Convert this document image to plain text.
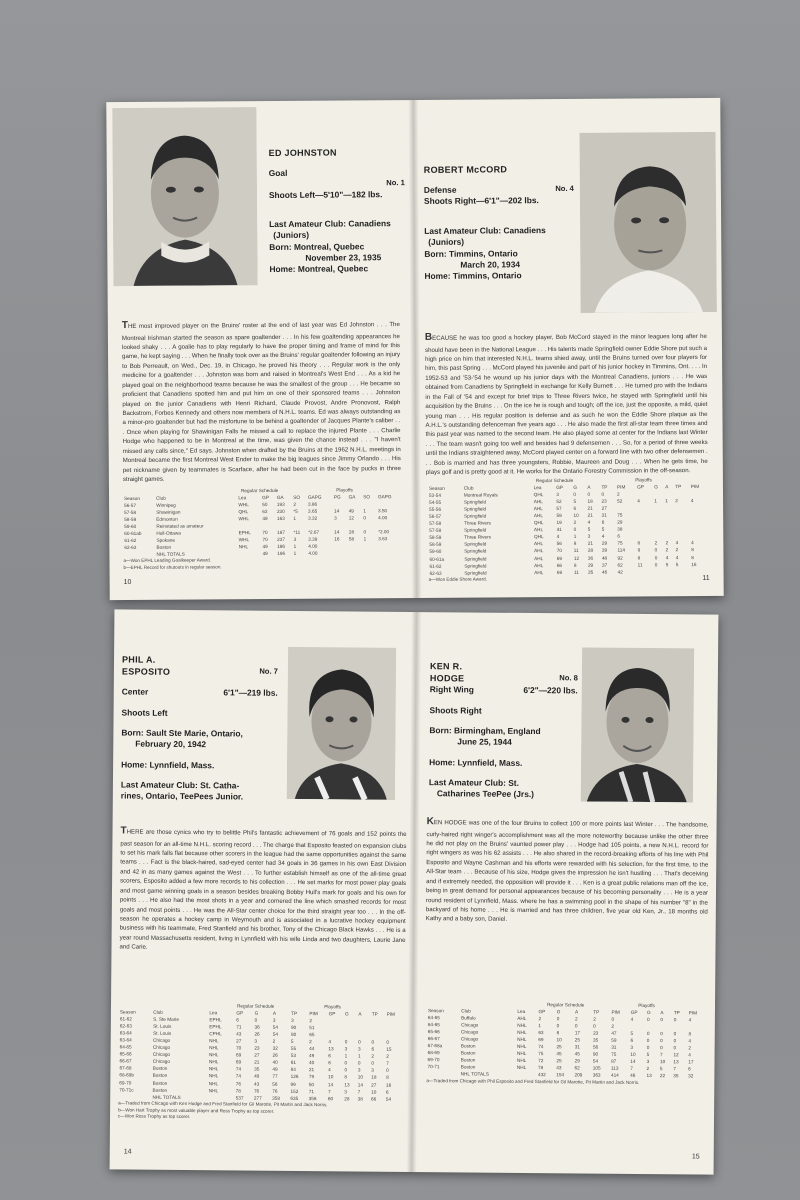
ED JOHNSTON
Goal
No. 1
Shoots Left—5'10"—182 lbs.
Last Amateur Club: Canadiens
(Juniors)
Born: Montreal, Quebec
November 23, 1935
Home: Montreal, Quebec
THE most improved player on the Bruins' roster at the end of last year was Ed Johnston . . . The Montreal Irishman started the season as spare goaltender . . . In his few goaltending appearances he looked shaky . . . A goalie has to play regularly to have the proper timing and frame of mind for this game, he kept saying . . . When he finally took over as the Bruins' regular goaltender following an injury to Bob Perreault, on Wed., Dec. 19, in Chicago, he proved his theory . . . Regular work is the only medicine for a goaltender . . . Johnston was born and raised in Montreal's West End . . . As a kid he played goal on the neighborhood teams because he was the smallest of the group . . . He became so proficient that Canadiens spotted him and put him on one of their sponsored teams . . . Johnston played on the junior Canadiens with Henri Richard, Claude Provost, Andre Pronovost, Ralph Backstrom, Forbes Kennedy and others now members of N.H.L. teams. Ed was always outstanding as a minor-pro goaltender but had the misfortune to be behind a goaltender of Jacques Plante's caliber . . . Once when playing for Shawinigan Falls he missed a call to replace the injured Plante . . . Charlie Hodge who happened to be in Montreal at the time, was given the chance instead . . . "I haven't missed any calls since," Ed says. Johnston when drafted by the Bruins at the 1962 N.H.L. meetings in Montreal became the first Montreal West Ender to make the big leagues since Jimmy Orlando . . . His pet nickname given by teammates is Scarface, after he had been cut in the face by pucks in three straight games.
Regular Schedule	Playoffs
Season	Club	Lea	GP	GA	SO	GAPG	PG	GA	SO	GAPG
56-57	Winnipeg	WHL	50	193	2	3.86				
57-58	Shawinigan	QHL	63	230	*5	3.65	14	49	1	3.50
58-59	Edmonton	WHL	49	163	1	3.32	3	12	0	4.00
59-60	Reinstated as amateur									
60-61ab	Hull-Ottawa	EPHL	70	187	*11	*2.67	14	28	0	*2.00
61-62	Spokane	WHL	70	237	3	3.39	16	58	1	3.63
62-63	Boston	NHL	49	196	1	4.00				
	NHL TOTALS		49	196	1	4.00				
a—Won EPHL Leading Goalkeeper Award.
b—EPHL Record for shutouts in regular season.
10
ROBERT McCORD
Defense	No. 4
Shoots Right—6'1"—202 lbs.
Last Amateur Club: Canadiens
(Juniors)
Born: Timmins, Ontario
March 20, 1934
Home: Timmins, Ontario
BECAUSE he was too good a hockey player, Bob McCord stayed in the minor leagues long after he should have been in the National League . . . His talents made Springfield owner Eddie Shore put such a high price on him that interested N.H.L. teams shied away, until the Bruins turned over four players for him, this past Spring . . . McCord played his juvenile and part of his junior hockey in Timmins, Ont. . . . In 1952-53 and '53-'54 he wound up his junior days with the Montreal Canadiens, juniors . . . He was obtained from Canadiens by Springfield in exchange for Kelly Burnett . . . He turned pro with the Indians in the Fall of '54 and except for brief trips to Three Rivers twice, he stayed with Springfield until his acquisition by the Bruins . . . On the ice he is rough and tough; off the ice, just the opposite, a mild, quiet young man . . . His regular position is defense and as such he won the Eddie Shore plaque as the A.H.L.'s outstanding defenceman five years ago . . . He also made the first all-star team three times and this past year was named to the second team. He also played some at center for the Indians last Winter . . . The team wasn't going too well and besides had 9 defensemen . . . So, for a period of three weeks until the Indians straightened away, McCord played center on a forward line with two other defensemen . . . Bob is married and has three youngsters, Robbie, Maureen and Doug . . . When he gets time, he plays golf and is pretty good at it. He works for the Ontario Forestry Commission in the off-season.
Regular Schedule	Playoffs
Season	Club	Lea	GP	G	A	TP	PIM	GP	G	A	TP	PIM
53-54	Montreal Royals	QHL	3	0	0	0	2					
54-55	Springfield	AHL	52	5	18	23	52	4	1	1	2	4
55-56	Springfield	AHL	57	6	21	27						
56-57	Springfield	AHL	59	10	21	31	75					
57-58	Three Rivers	QHL	19	2	4	6	29					
57-58	Springfield	AHL	41	0	5	5	38					
58-59	Three Rivers	QHL	4	1	3	4	6					
58-59	Springfield	AHL	56	8	21	29	75	8	2	2	4	4
59-60	Springfield	AHL	70	11	28	39	114	9	0	2	2	8
60-61a	Springfield	AHL	69	12	36	48	92	8	0	4	4	8
61-62	Springfield	AHL	66	8	29	37	62	11	0	5	5	16
62-63	Springfield	AHL	69	11	35	46	42					
a—Won Eddie Shore Award.	11
PHIL A.
ESPOSITO	No. 7
Center	6'1"—219 lbs.
Shoots Left
Born: Sault Ste Marie, Ontario,
February 20, 1942
Home: Lynnfield, Mass.
Last Amateur Club: St. Catha-
rines, Ontario, TeePees Junior.
THERE are those cynics who try to belittle Phil's fantastic achievement of 76 goals and 152 points the past season for an all-time N.H.L. scoring record . . . The charge that Esposito feasted on expansion clubs to set his mark falls flat because other scorers in the league had the same opportunities against the same teams . . . Fact is the black-haired, sad-eyed center had 34 goals in 36 games in his own East Division and 42 in as many games against the West . . . To further establish himself as one of the all-time great scorers, Esposito added a few more records to his collection . . . He set marks for most power play goals and most game winning goals in a season besides breaking Bobby Hull's mark for goals and his own for points . . . He also had the most shots in a year and cornered the line which smashed records for most goals and most points . . . He was the All-Star center choice for the third straight year too . . . In the off-season he operates a hockey camp in Weymouth and is associated in a lucrative hockey equipment business with his teammate, Fred Stanfield and his brother, Tony of the Chicago Black Hawks . . . He is a year round Massachusetts resident, living in Lynnfield with his wife Linda and two daughters, Laurie Jane and Carie.
Regular Schedule	Playoffs
Season	Club	Lea	GP	G	A	TP	PIM	GP	G	A	TP	PIM
61-62	S. Ste Marie	EPHL	6	0	3	3	2					
62-63	St. Louis	EPHL	71	36	54	90	51					
63-64	St. Louis	CPHL	43	26	54	80	65					
63-64	Chicago	NHL	27	3	2	5	2	4	0	0	0	0
64-65	Chicago	NHL	70	23	32	55	44	13	3	3	6	15
65-66	Chicago	NHL	69	27	26	53	49	6	1	1	2	2
66-67	Chicago	NHL	69	21	40	61	40	6	0	0	0	7
67-68	Boston	NHL	74	35	49	84	21	4	0	3	3	0
68-69b	Boston	NHL	74	49	77	126	79	10	8	10	18	8
69-70	Boston	NHL	76	43	56	99	50	14	13	14	27	16
70-71c	Boston	NHL	78	76	76	152	71	7	3	7	10	6
	NHL TOTALS		537	277	358	635	356	60	28	38	66	54
a—Traded from Chicago with Ken Hodge and Fred Stanfield for Gil Marotte, Pit Martin and Jack Norris.
b—Won Hart Trophy as most valuable player and Ross Trophy as top scorer.
c—Won Ross Trophy as top scorer.
14
KEN R.
HODGE	No. 8
Right Wing	6'2"—220 lbs.
Shoots Right
Born: Birmingham, England
June 25, 1944
Home: Lynnfield, Mass.
Last Amateur Club: St.
Catharines TeePee (Jrs.)
KEN HODGE was one of the four Bruins to collect 100 or more points last Winter . . . The handsome, curly-haired right winger's accomplishment was all the more noteworthy because unlike the other three he did not play on the Bruins' vaunted power play . . . Hodge had 105 points, a new N.H.L. record for right wingers as was his 62 assists . . . He also shared in the record-breaking efforts of his line with Phil Esposito and Wayne Cashman and his efforts were rewarded with his selection, for the first time, to the All-Star team . . . Because of his size, Hodge gives the impression he isn't hustling . . . That's deceiving and if extremely needed, the opposition will provide it . . . Ken is a great public relations man off the ice, being in great demand for personal appearances because of his becoming personality . . . He is a year round resident of Lynnfield, Mass. where he has a swimming pool in the shape of his number "8" in the backyard of his home . . . He is married and has three children, five year old Ken, Jr., 18 months old Kathy and a baby son, Daniel.
Regular Schedule	Playoffs
Season	Club	Lea	GP	G	A	TP	PIM	GP	G	A	TP	PIM
64-65	Buffalo	AHL	2	0	2	2	0	4	0	0	0	4
64-65	Chicago	NHL	1	0	0	0	2					
65-66	Chicago	NHL	63	6	17	23	47	5	0	0	0	8
66-67	Chicago	NHL	69	10	25	35	59	6	0	0	0	4
67-68a	Boston	NHL	74	25	31	56	31	3	0	0	0	2
68-69	Boston	NHL	75	45	45	90	75	10	5	7	12	4
69-70	Boston	NHL	72	25	29	54	87	14	3	10	13	17
70-71	Boston	NHL	78	43	62	105	113	7	2	5	7	6
	NHL TOTALS		432	154	209	363	414	46	13	22	35	32
a—Traded from Chicago with Phil Esposito and Fred Stanfield for Gil Marotte, Pit Martin and Jack Norris.
15
